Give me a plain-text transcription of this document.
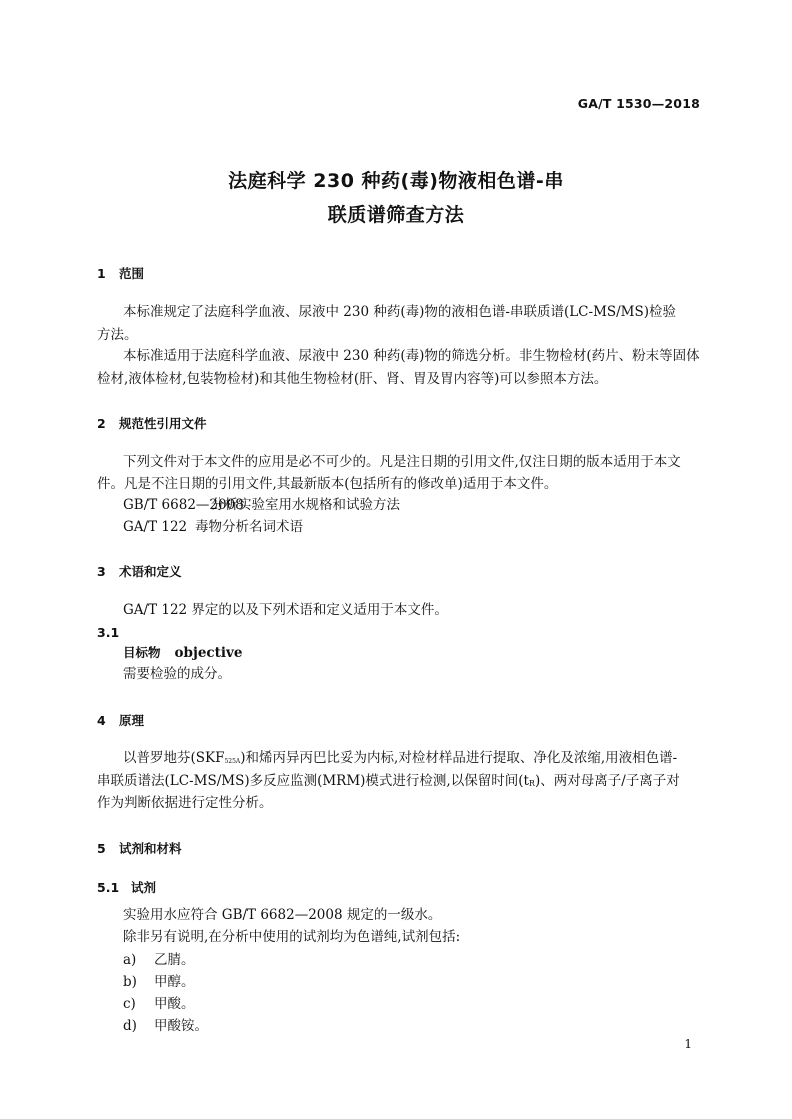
GA/T 1530—2018
法庭科学 230 种药(毒)物液相色谱-串
联质谱筛查方法
1 范围
本标准规定了法庭科学血液、尿液中 230 种药(毒)物的液相色谱-串联质谱(LC-MS/MS)检验
方法。
本标准适用于法庭科学血液、尿液中 230 种药(毒)物的筛选分析。非生物检材(药片、粉末等固体
检材,液体检材,包装物检材)和其他生物检材(肝、肾、胃及胃内容等)可以参照本方法。
2 规范性引用文件
下列文件对于本文件的应用是必不可少的。凡是注日期的引用文件,仅注日期的版本适用于本文
件。凡是不注日期的引用文件,其最新版本(包括所有的修改单)适用于本文件。
GB/T 6682—2008分析实验室用水规格和试验方法
GA/T 122 毒物分析名词术语
3 术语和定义
GA/T 122 界定的以及下列术语和定义适用于本文件。
3.1
目标物 objective
需要检验的成分。
4 原理
以普罗地芬$(SKF_{525A})$和烯丙异丙巴比妥为内标,对检材样品进行提取、净化及浓缩,用液相色谱-
串联质谱法(LC-MS/MS)多反应监测(MRM)模式进行检测,以保留时间$(t_R)$、两对母离子/子离子对
作为判断依据进行定性分析。
5 试剂和材料
5.1 试剂
实验用水应符合 GB/T 6682—2008 规定的一级水。
除非另有说明,在分析中使用的试剂均为色谱纯,试剂包括:
a) 乙腈。
b) 甲醇。
c) 甲酸。
d) 甲酸铵。
1
